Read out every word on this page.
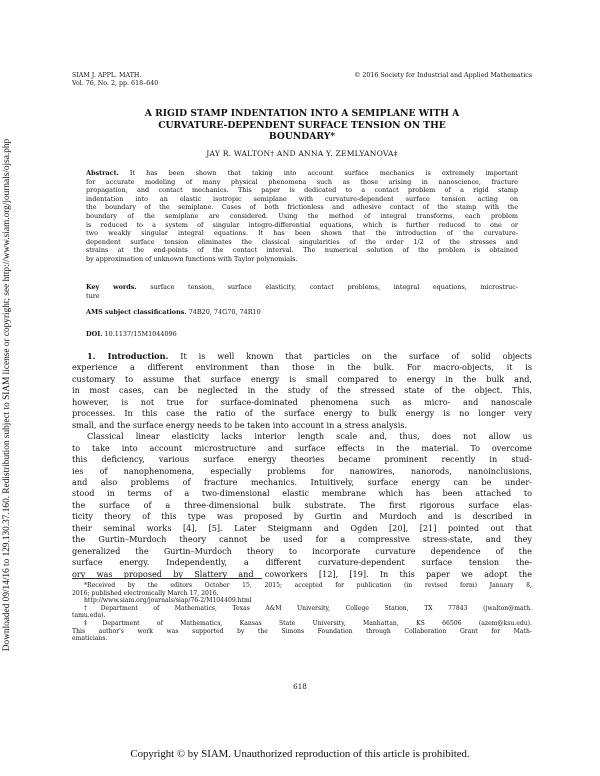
Downloaded 09/14/16 to 129.130.37.160. Redistribution subject to SIAM license or copyright; see http://www.siam.org/journals/ojsa.php
SIAM J. APPL. MATH.
Vol. 76, No. 2, pp. 618–640
© 2016 Society for Industrial and Applied Mathematics
A RIGID STAMP INDENTATION INTO A SEMIPLANE WITH A
CURVATURE-DEPENDENT SURFACE TENSION ON THE
BOUNDARY*
JAY R. WALTON† AND ANNA Y. ZEMLYANOVA‡
Abstract. It has been shown that taking into account surface mechanics is extremely important
for accurate modeling of many physical phenomena such as those arising in nanoscience, fracture
propagation, and contact mechanics. This paper is dedicated to a contact problem of a rigid stamp
indentation into an elastic isotropic semiplane with curvature-dependent surface tension acting on
the boundary of the semiplane. Cases of both frictionless and adhesive contact of the stamp with the
boundary of the semiplane are considered. Using the method of integral transforms, each problem
is reduced to a system of singular integro-differential equations, which is further reduced to one or
two weakly singular integral equations. It has been shown that the introduction of the curvature-
dependent surface tension eliminates the classical singularities of the order 1/2 of the stresses and
strains at the end-points of the contact interval. The numerical solution of the problem is obtained
by approximation of unknown functions with Taylor polynomials.
Key words. surface tension, surface elasticity, contact problems, integral equations, microstruc-
ture
AMS subject classifications. 74B20, 74G70, 74R10
DOI. 10.1137/15M1044096
1. Introduction. It is well known that particles on the surface of solid objects
experience a different environment than those in the bulk. For macro-objects, it is
customary to assume that surface energy is small compared to energy in the bulk and,
in most cases, can be neglected in the study of the stressed state of the object. This,
however, is not true for surface-dominated phenomena such as micro- and nanoscale
processes. In this case the ratio of the surface energy to bulk energy is no longer very
small, and the surface energy needs to be taken into account in a stress analysis.
Classical linear elasticity lacks interior length scale and, thus, does not allow us
to take into account microstructure and surface effects in the material. To overcome
this deficiency, various surface energy theories became prominent recently in stud-
ies of nanophenomena, especially problems for nanowires, nanorods, nanoinclusions,
and also problems of fracture mechanics. Intuitively, surface energy can be under-
stood in terms of a two-dimensional elastic membrane which has been attached to
the surface of a three-dimensional bulk substrate. The first rigorous surface elas-
ticity theory of this type was proposed by Gurtin and Murdoch and is described in
their seminal works [4], [5]. Later Steigmann and Ogden [20], [21] pointed out that
the Gurtin–Murdoch theory cannot be used for a compressive stress-state, and they
generalized the Gurtin–Murdoch theory to incorporate curvature dependence of the
surface energy. Independently, a different curvature-dependent surface tension the-
ory was proposed by Slattery and coworkers [12], [19]. In this paper we adopt the
*Received by the editors October 15, 2015; accepted for publication (in revised form) January 8,
2016; published electronically March 17, 2016.
http://www.siam.org/journals/siap/76-2/M104409.html
†Department of Mathematics, Texas A&M University, College Station, TX 77843 (jwalton@math.
tamu.edu).
‡Department of Mathematics, Kansas State University, Manhattan, KS 66506 (azem@ksu.edu).
This author's work was supported by the Simons Foundation through Collaboration Grant for Math-
ematicians.
618
Copyright © by SIAM. Unauthorized reproduction of this article is prohibited.
